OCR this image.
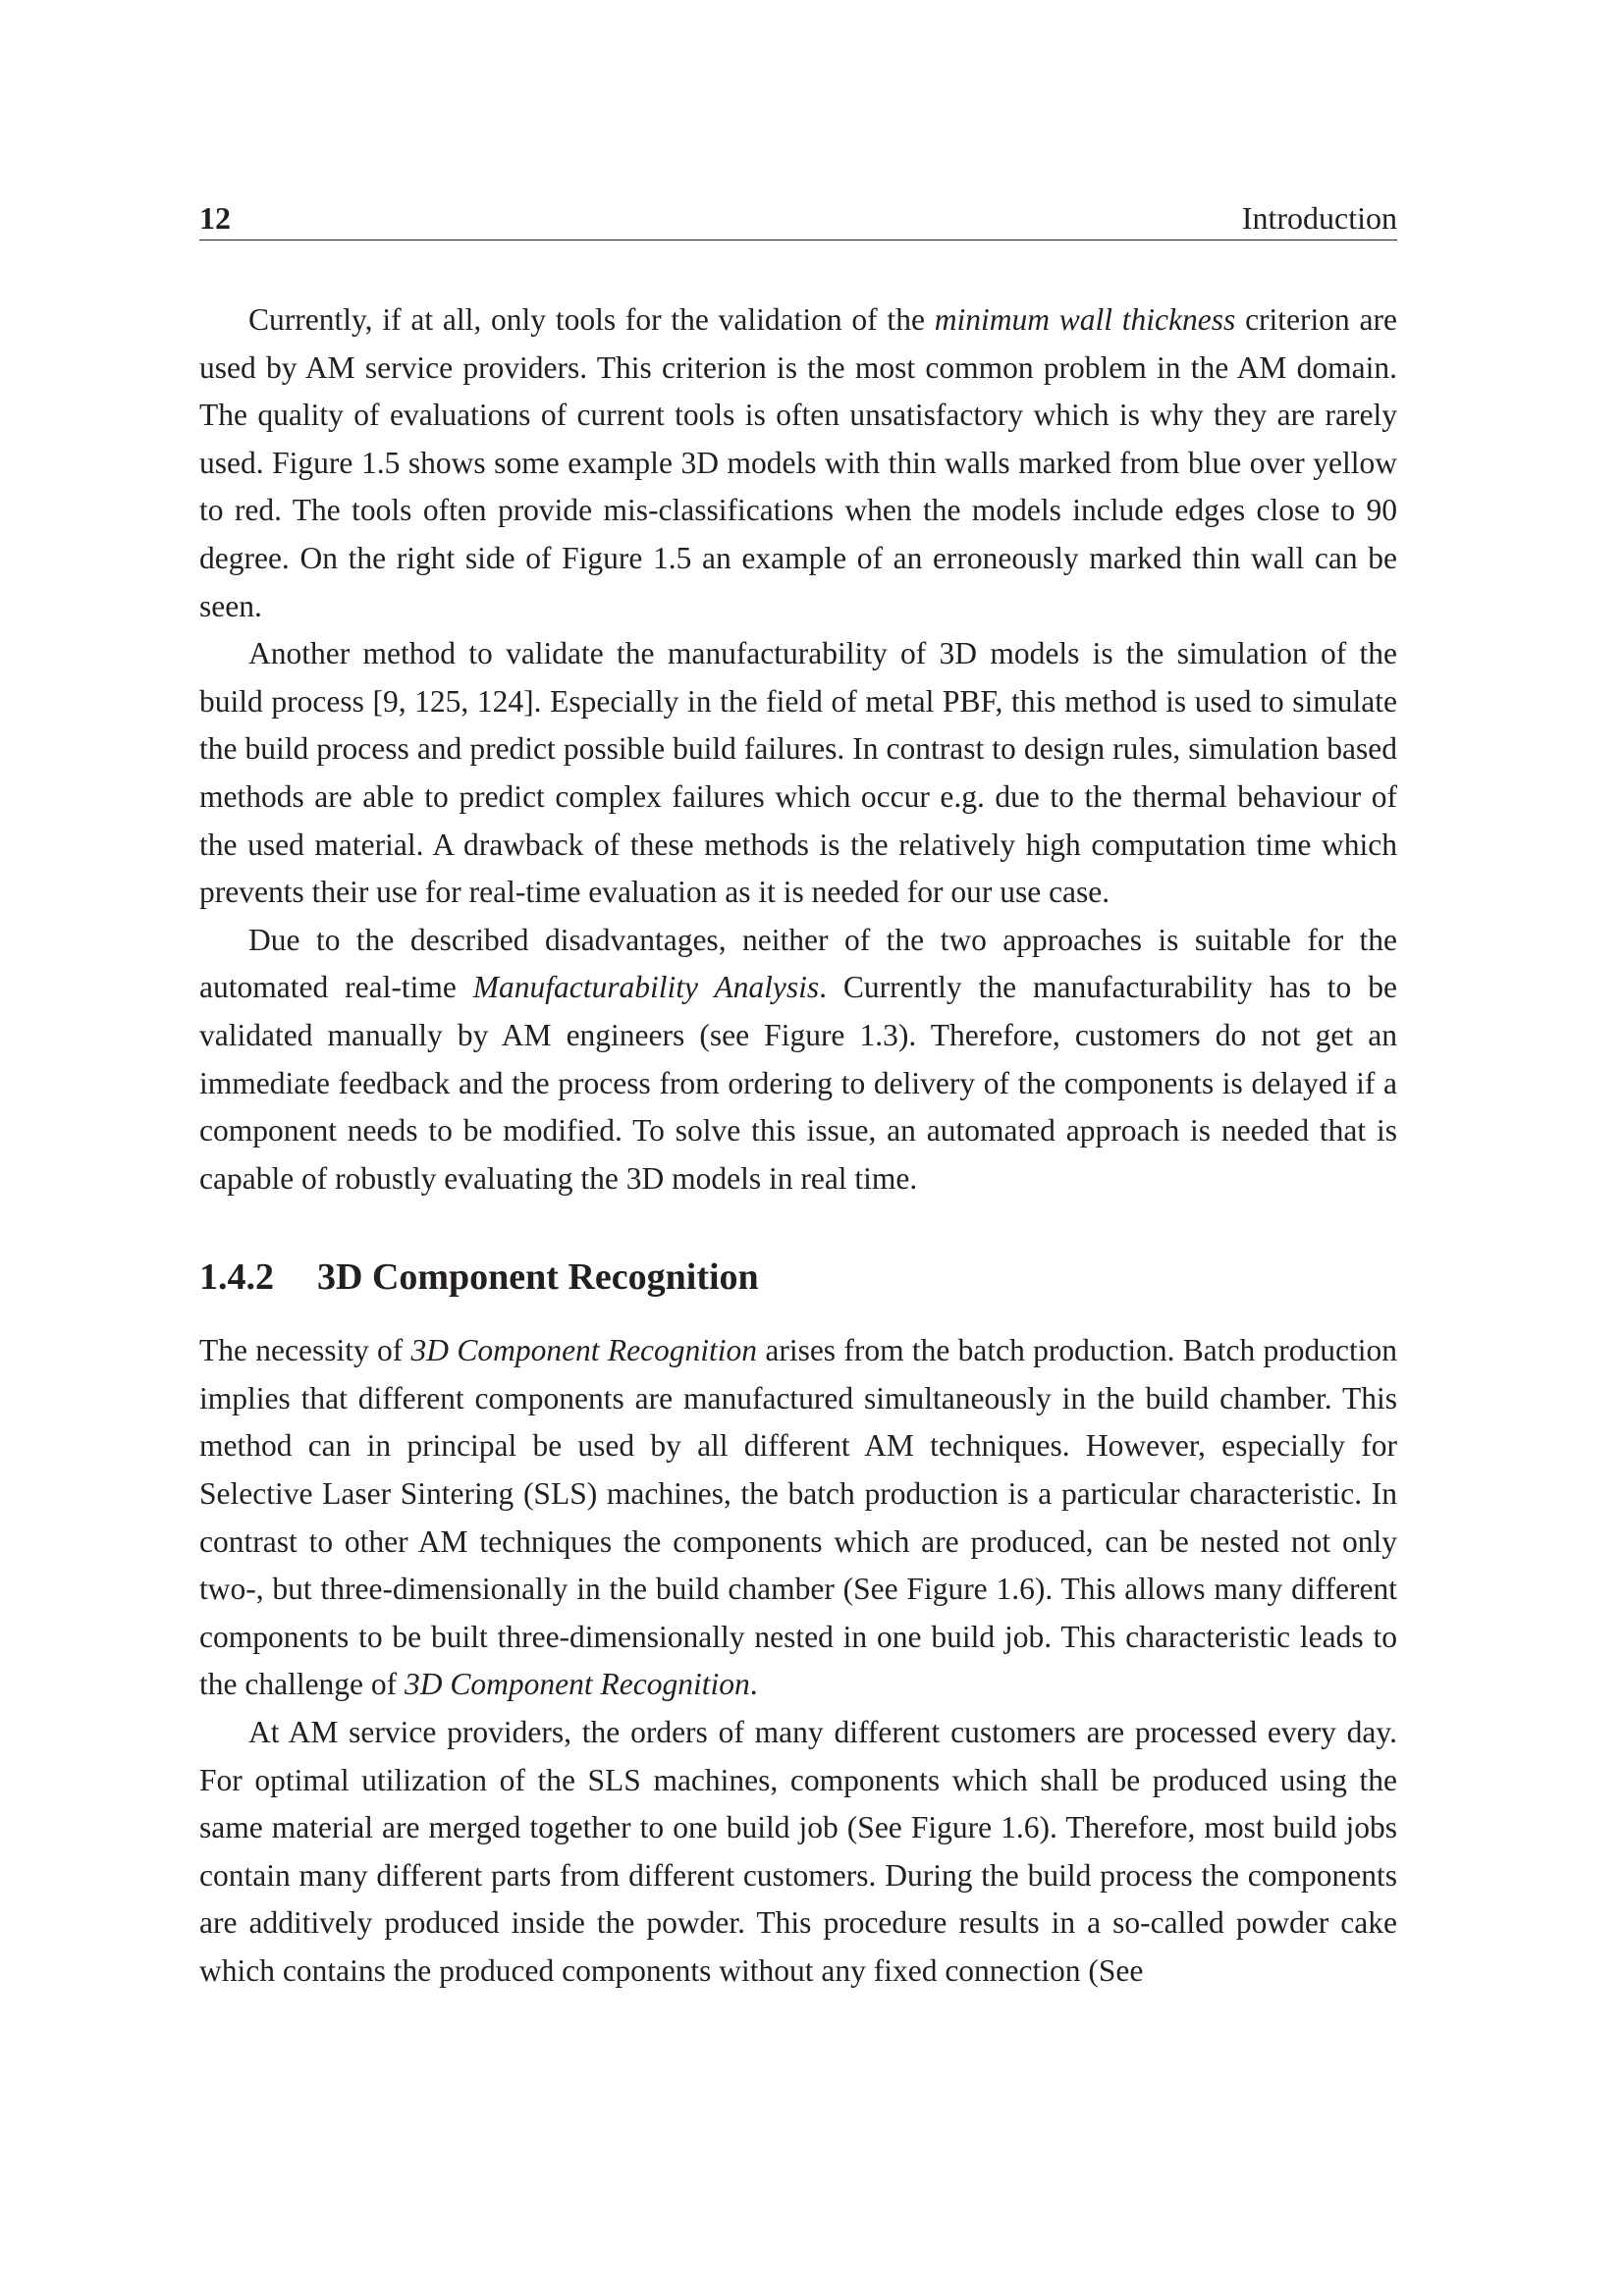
12	Introduction

Currently, if at all, only tools for the validation of the minimum wall thickness criterion are used by AM service providers. This criterion is the most common problem in the AM domain. The quality of evaluations of current tools is often unsatisfactory which is why they are rarely used. Figure 1.5 shows some example 3D models with thin walls marked from blue over yellow to red. The tools often provide mis-classifications when the models include edges close to 90 degree. On the right side of Figure 1.5 an example of an erroneously marked thin wall can be seen.

Another method to validate the manufacturability of 3D models is the simulation of the build process [9, 125, 124]. Especially in the field of metal PBF, this method is used to simulate the build process and predict possible build failures. In contrast to design rules, simulation based methods are able to predict complex failures which occur e.g. due to the thermal behaviour of the used material. A drawback of these methods is the relatively high computation time which prevents their use for real-time evaluation as it is needed for our use case.

Due to the described disadvantages, neither of the two approaches is suitable for the automated real-time Manufacturability Analysis. Currently the manufacturability has to be validated manually by AM engineers (see Figure 1.3). Therefore, customers do not get an immediate feedback and the process from ordering to delivery of the components is delayed if a component needs to be modified. To solve this issue, an automated approach is needed that is capable of robustly evaluating the 3D models in real time.

1.4.2 3D Component Recognition

The necessity of 3D Component Recognition arises from the batch production. Batch production implies that different components are manufactured simultaneously in the build chamber. This method can in principal be used by all different AM techniques. However, especially for Selective Laser Sintering (SLS) machines, the batch production is a particular characteristic. In contrast to other AM techniques the components which are produced, can be nested not only two-, but three-dimensionally in the build chamber (See Figure 1.6). This allows many different components to be built three-dimensionally nested in one build job. This characteristic leads to the challenge of 3D Component Recognition.

At AM service providers, the orders of many different customers are processed every day. For optimal utilization of the SLS machines, components which shall be produced using the same material are merged together to one build job (See Figure 1.6). Therefore, most build jobs contain many different parts from different customers. During the build process the components are additively produced inside the powder. This procedure results in a so-called powder cake which contains the produced components without any fixed connection (See
